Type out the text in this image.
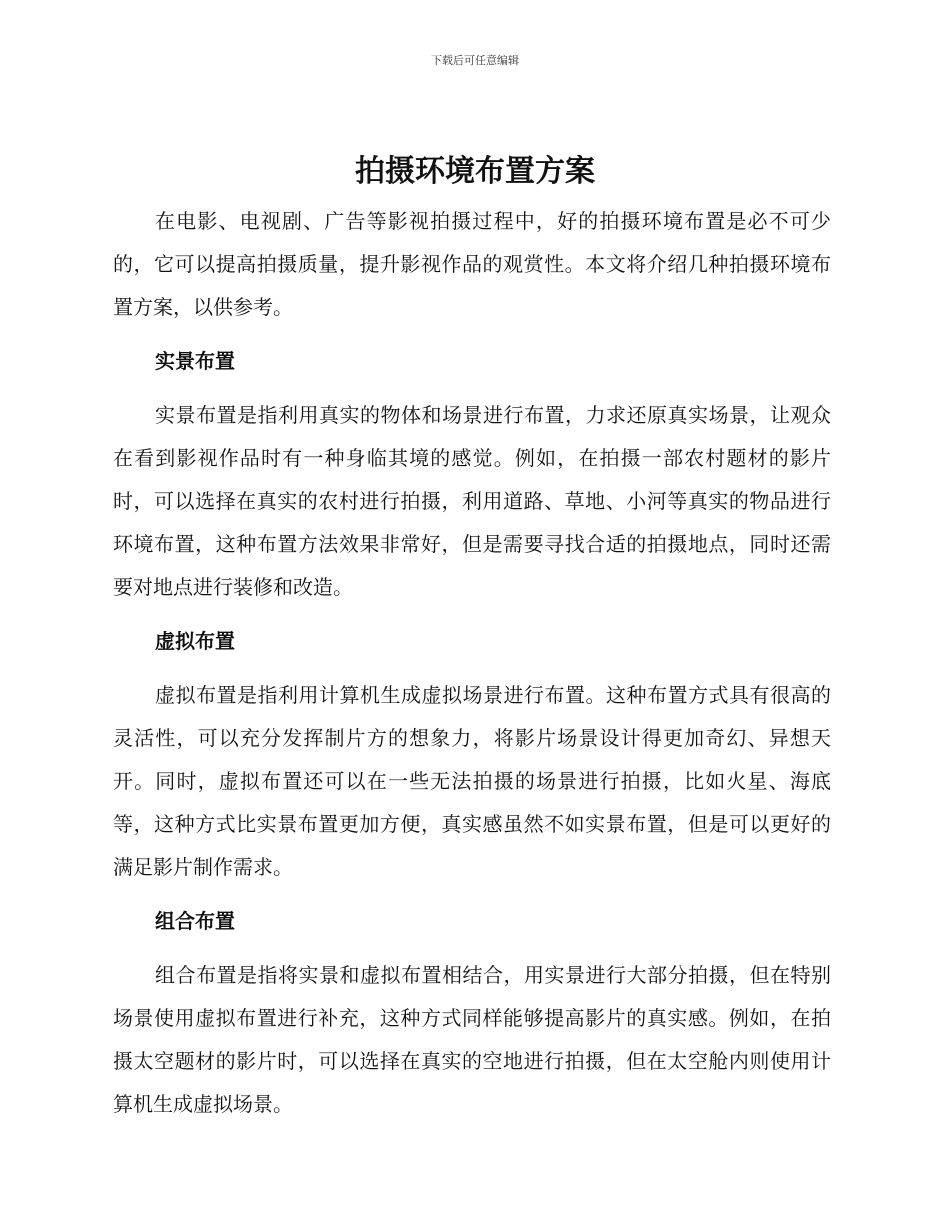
下载后可任意编辑
拍摄环境布置方案

在电影、电视剧、广告等影视拍摄过程中，好的拍摄环境布置是必不可少的，它可以提高拍摄质量，提升影视作品的观赏性。本文将介绍几种拍摄环境布置方案，以供参考。

实景布置

实景布置是指利用真实的物体和场景进行布置，力求还原真实场景，让观众在看到影视作品时有一种身临其境的感觉。例如，在拍摄一部农村题材的影片时，可以选择在真实的农村进行拍摄，利用道路、草地、小河等真实的物品进行环境布置，这种布置方法效果非常好，但是需要寻找合适的拍摄地点，同时还需要对地点进行装修和改造。

虚拟布置

虚拟布置是指利用计算机生成虚拟场景进行布置。这种布置方式具有很高的灵活性，可以充分发挥制片方的想象力，将影片场景设计得更加奇幻、异想天开。同时，虚拟布置还可以在一些无法拍摄的场景进行拍摄，比如火星、海底等，这种方式比实景布置更加方便，真实感虽然不如实景布置，但是可以更好的满足影片制作需求。

组合布置

组合布置是指将实景和虚拟布置相结合，用实景进行大部分拍摄，但在特别场景使用虚拟布置进行补充，这种方式同样能够提高影片的真实感。例如，在拍摄太空题材的影片时，可以选择在真实的空地进行拍摄，但在太空舱内则使用计算机生成虚拟场景。
